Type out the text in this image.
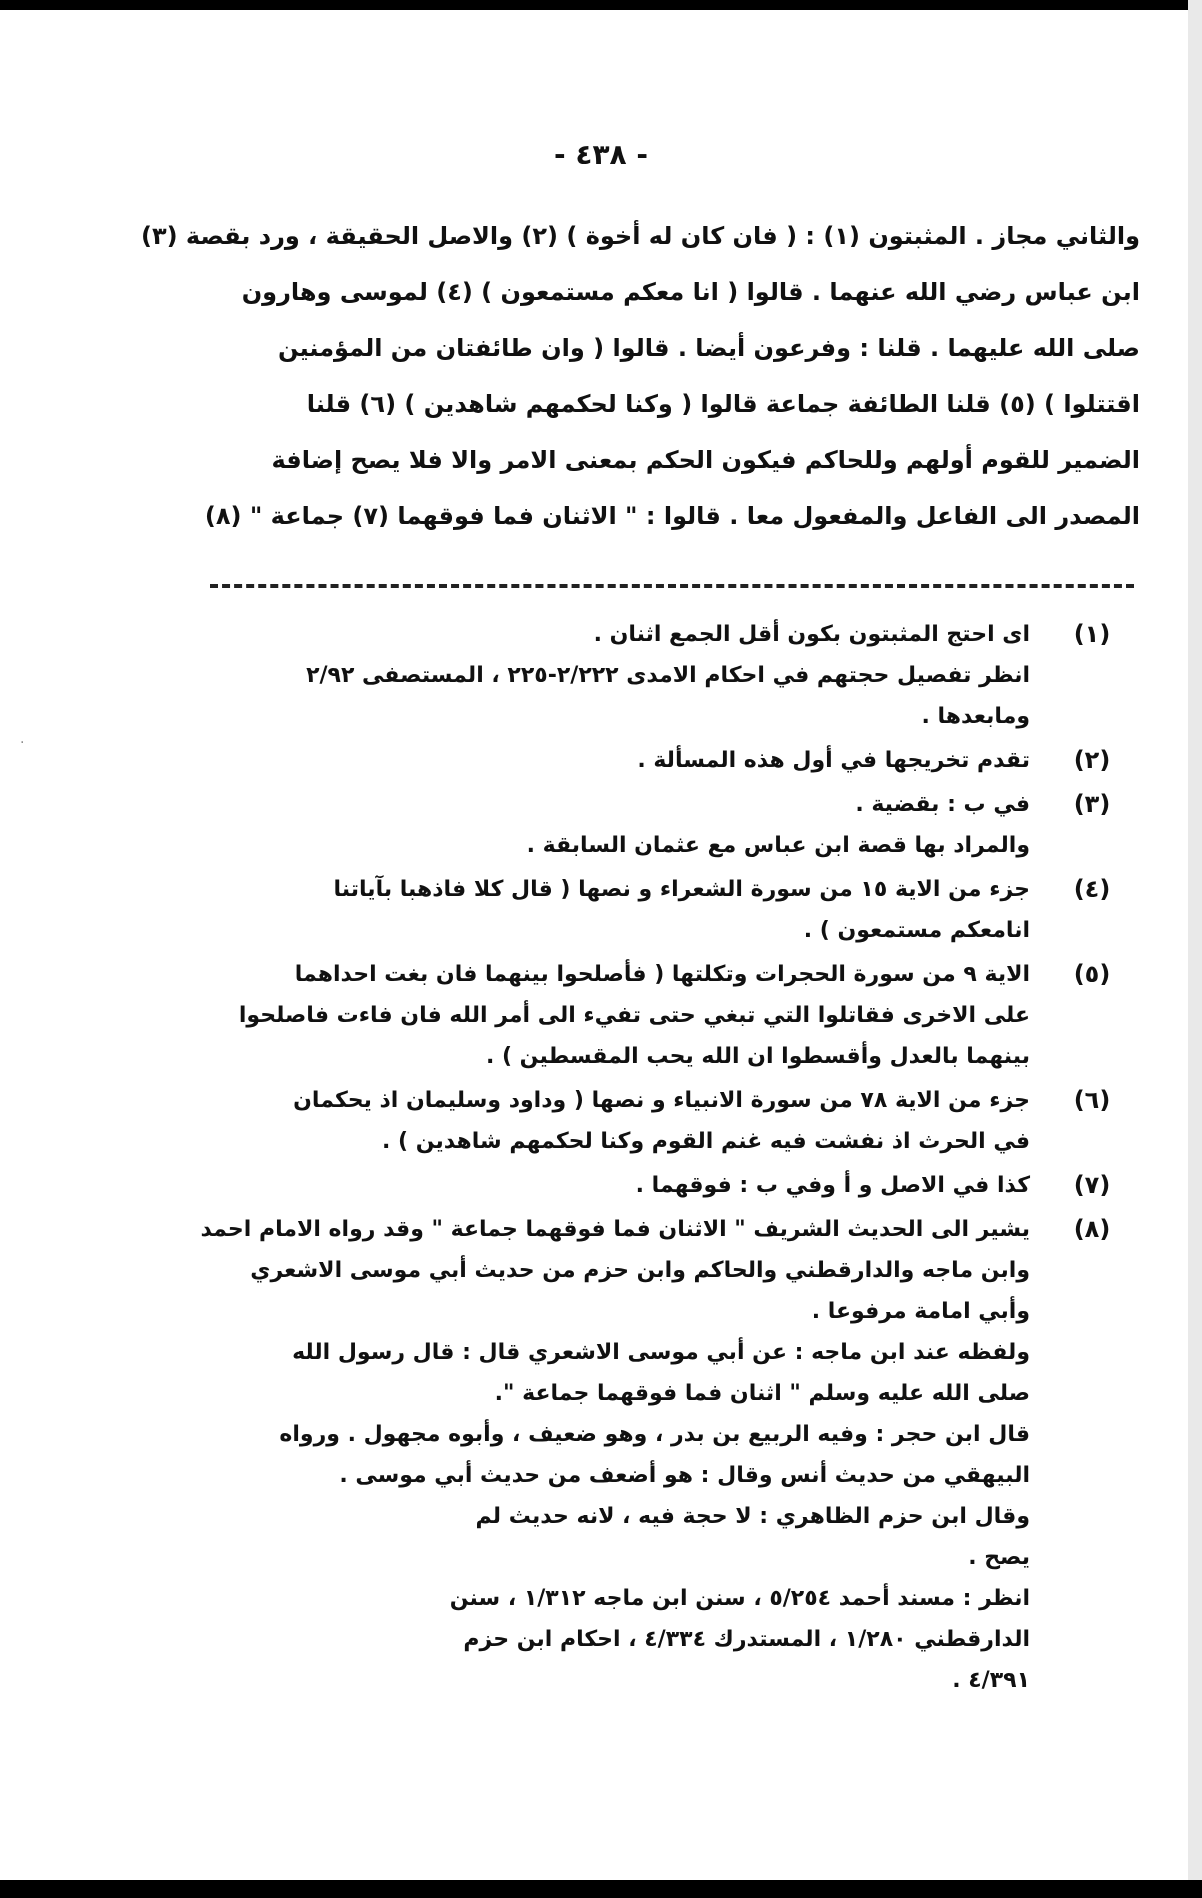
·
- ٤٣٨ -
والثاني مجاز . المثبتون (١) : ( فان كان له أخوة ) (٢) والاصل الحقيقة ، ورد بقصة (٣)
ابن عباس رضي الله عنهما . قالوا ( انا معكم مستمعون ) (٤) لموسى وهارون
صلى الله عليهما . قلنا : وفرعون أيضا . قالوا ( وان طائفتان من المؤمنين
اقتتلوا ) (٥) قلنا الطائفة جماعة قالوا ( وكنا لحكمهم شاهدين ) (٦) قلنا
الضمير للقوم أولهم وللحاكم فيكون الحكم بمعنى الامر والا فلا يصح إضافة
المصدر الى الفاعل والمفعول معا . قالوا : " الاثنان فما فوقهما (٧) جماعة " (٨)
(١)
اى احتج المثبتون بكون أقل الجمع اثنان .
انظر تفصيل حجتهم في احكام الامدى ٢/٢٢٢-٢٢٥ ، المستصفى ٢/٩٢
ومابعدها .
(٢)
تقدم تخريجها في أول هذه المسألة .
(٣)
في ب : بقضية .
والمراد بها قصة ابن عباس مع عثمان السابقة .
(٤)
جزء من الاية ١٥ من سورة الشعراء و نصها ( قال كلا فاذهبا بآياتنا
انامعكم مستمعون ) .
(٥)
الاية ٩ من سورة الحجرات وتكلتها ( فأصلحوا بينهما فان بغت احداهما
على الاخرى فقاتلوا التي تبغي حتى تفيء الى أمر الله فان فاءت فاصلحوا
بينهما بالعدل وأقسطوا ان الله يحب المقسطين ) .
(٦)
جزء من الاية ٧٨ من سورة الانبياء و نصها ( وداود وسليمان اذ يحكمان
في الحرث اذ نفشت فيه غنم القوم وكنا لحكمهم شاهدين ) .
(٧)
كذا في الاصل و أ وفي ب : فوقهما .
(٨)
يشير الى الحديث الشريف " الاثنان فما فوقهما جماعة " وقد رواه الامام احمد
وابن ماجه والدارقطني والحاكم وابن حزم من حديث أبي موسى الاشعري
وأبي امامة مرفوعا .
ولفظه عند ابن ماجه : عن أبي موسى الاشعري قال : قال رسول الله
صلى الله عليه وسلم " اثنان فما فوقهما جماعة ".
قال ابن حجر : وفيه الربيع بن بدر ، وهو ضعيف ، وأبوه مجهول . ورواه
البيهقي من حديث أنس وقال : هو أضعف من حديث أبي موسى .
وقال ابن حزم الظاهري : لا حجة فيه ، لانه حديث لم
يصح .
انظر : مسند أحمد ٥/٢٥٤ ، سنن ابن ماجه ١/٣١٢ ، سنن
الدارقطني ١/٢٨٠ ، المستدرك ٤/٣٣٤ ، احكام ابن حزم
٤/٣٩١ .
